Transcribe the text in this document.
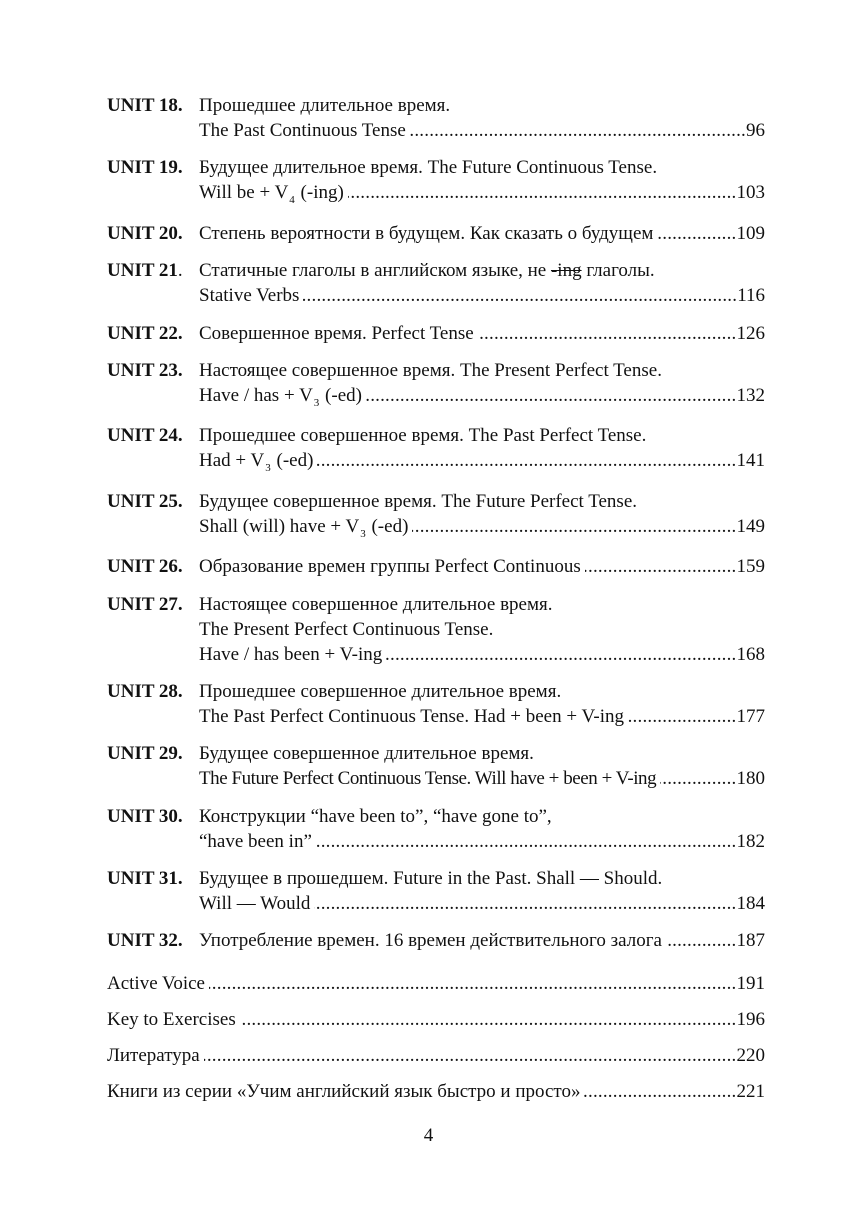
UNIT 18. Прошедшее длительное время.
The Past Continuous Tense .....	96
UNIT 19. Будущее длительное время. The Future Continuous Tense.
Will be + $V_4$ (-ing) .....	103
UNIT 20. Степень вероятности в будущем. Как сказать о будущем .....	109
UNIT 21. Статичные глаголы в английском языке, не -ing глаголы.
Stative Verbs .....	116
UNIT 22. Совершенное время. Perfect Tense .....	126
UNIT 23. Настоящее совершенное время. The Present Perfect Tense.
Have / has + $V_3$ (-ed) .....	132
UNIT 24. Прошедшее совершенное время. The Past Perfect Tense.
Had + $V_3$ (-ed) .....	141
UNIT 25. Будущее совершенное время. The Future Perfect Tense.
Shall (will) have + $V_3$ (-ed) .....	149
UNIT 26. Образование времен группы Perfect Continuous .....	159
UNIT 27. Настоящее совершенное длительное время.
The Present Perfect Continuous Tense.
Have / has been + V-ing .....	168
UNIT 28. Прошедшее совершенное длительное время.
The Past Perfect Continuous Tense. Had + been + V-ing .....	177
UNIT 29. Будущее совершенное длительное время.
The Future Perfect Continuous Tense. Will have + been + V-ing .....	180
UNIT 30. Конструкции “have been to”, “have gone to”,
“have been in” .....	182
UNIT 31. Будущее в прошедшем. Future in the Past. Shall — Should.
Will — Would .....	184
UNIT 32. Употребление времен. 16 времен действительного залога .....	187
Active Voice .....	191
Key to Exercises .....	196
Литература .....	220
Книги из серии «Учим английский язык быстро и просто» .....	221
4
